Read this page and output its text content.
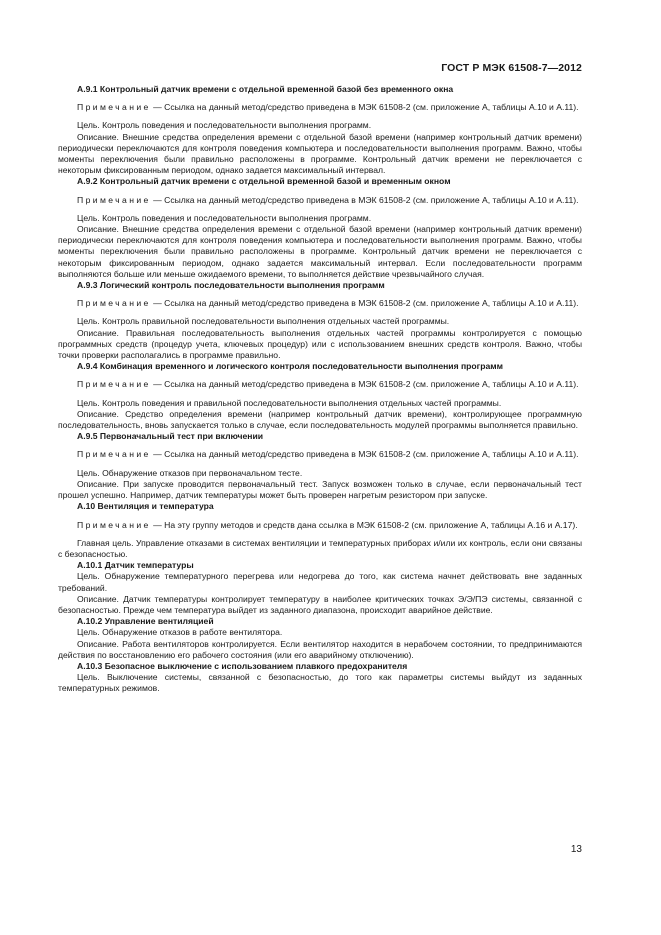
ГОСТ Р МЭК 61508-7—2012

А.9.1 Контрольный датчик времени с отдельной временной базой без временного окна

Примечание — Ссылка на данный метод/средство приведена в МЭК 61508-2 (см. приложение А, таблицы А.10 и А.11).

Цель. Контроль поведения и последовательности выполнения программ.

Описание. Внешние средства определения времени с отдельной базой времени (например контрольный датчик времени) периодически переключаются для контроля поведения компьютера и последовательности выполнения программ. Важно, чтобы моменты переключения были правильно расположены в программе. Контрольный датчик времени не переключается с некоторым фиксированным периодом, однако задается максимальный интервал.

А.9.2 Контрольный датчик времени с отдельной временной базой и временным окном

Примечание — Ссылка на данный метод/средство приведена в МЭК 61508-2 (см. приложение А, таблицы А.10 и А.11).

Цель. Контроль поведения и последовательности выполнения программ.

Описание. Внешние средства определения времени с отдельной базой времени (например контрольный датчик времени) периодически переключаются для контроля поведения компьютера и последовательности выполнения программ. Важно, чтобы моменты переключения были правильно расположены в программе. Контрольный датчик времени не переключается с некоторым фиксированным периодом, однако задается максимальный интервал. Если последовательности программ выполняются больше или меньше ожидаемого времени, то выполняется действие чрезвычайного случая.

А.9.3 Логический контроль последовательности выполнения программ

Примечание — Ссылка на данный метод/средство приведена в МЭК 61508-2 (см. приложение А, таблицы А.10 и А.11).

Цель. Контроль правильной последовательности выполнения отдельных частей программы.

Описание. Правильная последовательность выполнения отдельных частей программы контролируется с помощью программных средств (процедур учета, ключевых процедур) или с использованием внешних средств контроля. Важно, чтобы точки проверки располагались в программе правильно.

А.9.4 Комбинация временного и логического контроля последовательности выполнения программ

Примечание — Ссылка на данный метод/средство приведена в МЭК 61508-2 (см. приложение А, таблицы А.10 и А.11).

Цель. Контроль поведения и правильной последовательности выполнения отдельных частей программы.

Описание. Средство определения времени (например контрольный датчик времени), контролирующее программную последовательность, вновь запускается только в случае, если последовательность модулей программы выполняется правильно.

А.9.5 Первоначальный тест при включении

Примечание — Ссылка на данный метод/средство приведена в МЭК 61508-2 (см. приложение А, таблицы А.10 и А.11).

Цель. Обнаружение отказов при первоначальном тесте.

Описание. При запуске проводится первоначальный тест. Запуск возможен только в случае, если первоначальный тест прошел успешно. Например, датчик температуры может быть проверен нагретым резистором при запуске.

А.10 Вентиляция и температура

Примечание — На эту группу методов и средств дана ссылка в МЭК 61508-2 (см. приложение А, таблицы А.16 и А.17).

Главная цель. Управление отказами в системах вентиляции и температурных приборах и/или их контроль, если они связаны с безопасностью.

А.10.1 Датчик температуры

Цель. Обнаружение температурного перегрева или недогрева до того, как система начнет действовать вне заданных требований.

Описание. Датчик температуры контролирует температуру в наиболее критических точках Э/Э/ПЭ системы, связанной с безопасностью. Прежде чем температура выйдет из заданного диапазона, происходит аварийное действие.

А.10.2 Управление вентиляцией

Цель. Обнаружение отказов в работе вентилятора.

Описание. Работа вентиляторов контролируется. Если вентилятор находится в нерабочем состоянии, то предпринимаются действия по восстановлению его рабочего состояния (или его аварийному отключению).

А.10.3 Безопасное выключение с использованием плавкого предохранителя

Цель. Выключение системы, связанной с безопасностью, до того как параметры системы выйдут из заданных температурных режимов.

13
